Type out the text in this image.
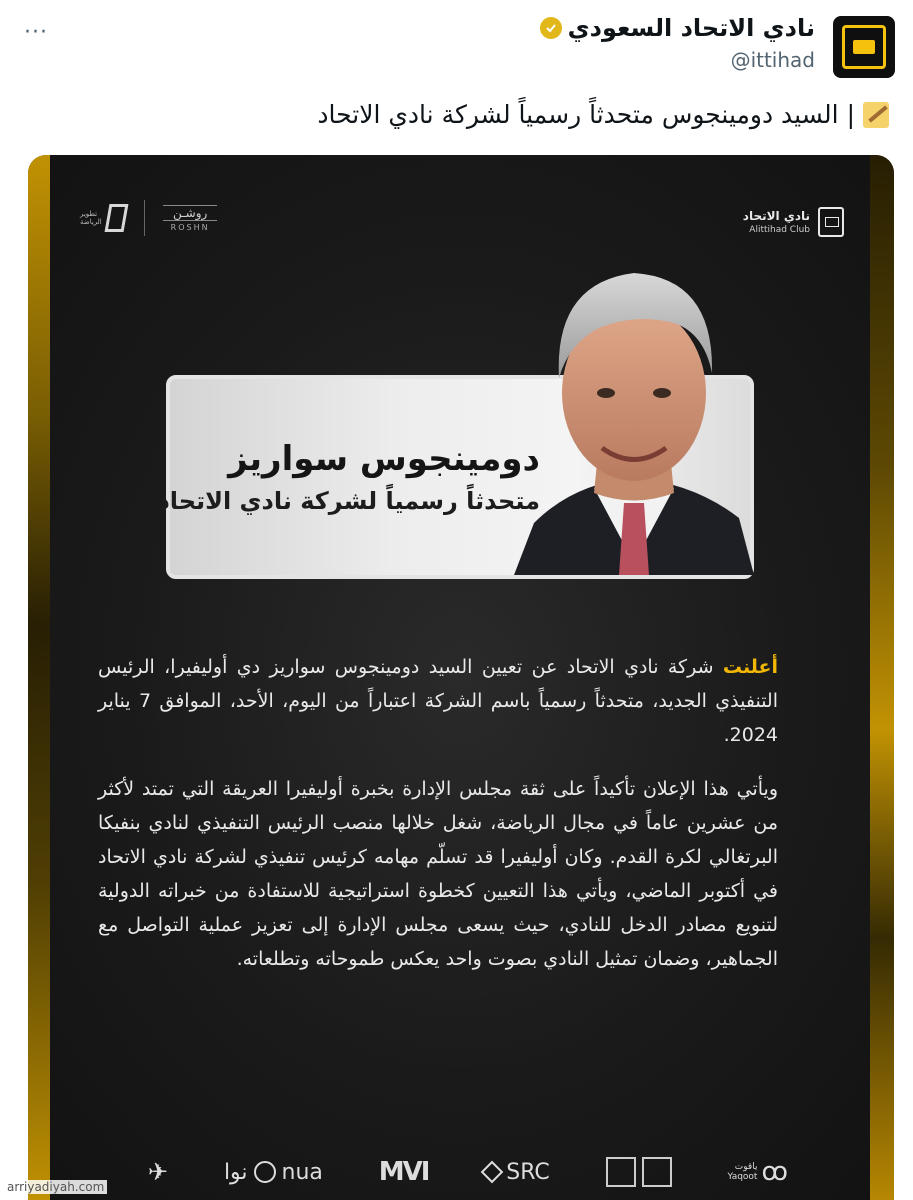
···	نادي الاتحاد السعودي
@ittihad
|
السيد دومينجوس متحدثاً رسمياً لشركة نادي الاتحاد
تطوير الرياضة
روشـن
ROSHN
نادي الاتحاد
Alittihad Club
دومينجوس سواريز
متحدثاً رسمياً لشركة نادي الاتحاد

أعلنت شركة نادي الاتحاد عن تعيين السيد دومينجوس سواريز دي أوليفيرا، الرئيس التنفيذي الجديد، متحدثاً رسمياً باسم الشركة اعتباراً من اليوم، الأحد، الموافق 7 يناير 2024.

ويأتي هذا الإعلان تأكيداً على ثقة مجلس الإدارة بخبرة أوليفيرا العريقة التي تمتد لأكثر من عشرين عاماً في مجال الرياضة، شغل خلالها منصب الرئيس التنفيذي لنادي بنفيكا البرتغالي لكرة القدم. وكان أوليفيرا قد تسلّم مهامه كرئيس تنفيذي لشركة نادي الاتحاد في أكتوبر الماضي، ويأتي هذا التعيين كخطوة استراتيجية للاستفادة من خبراته الدولية لتنويع مصادر الدخل للنادي، حيث يسعى مجلس الإدارة إلى تعزيز عملية التواصل مع الجماهير، وضمان تمثيل النادي بصوت واحد يعكس طموحاته وتطلعاته.

✈	نوا nua MVI	SRC	ياقوت
Yaqoot ꝏ
arriyadiyah.com
